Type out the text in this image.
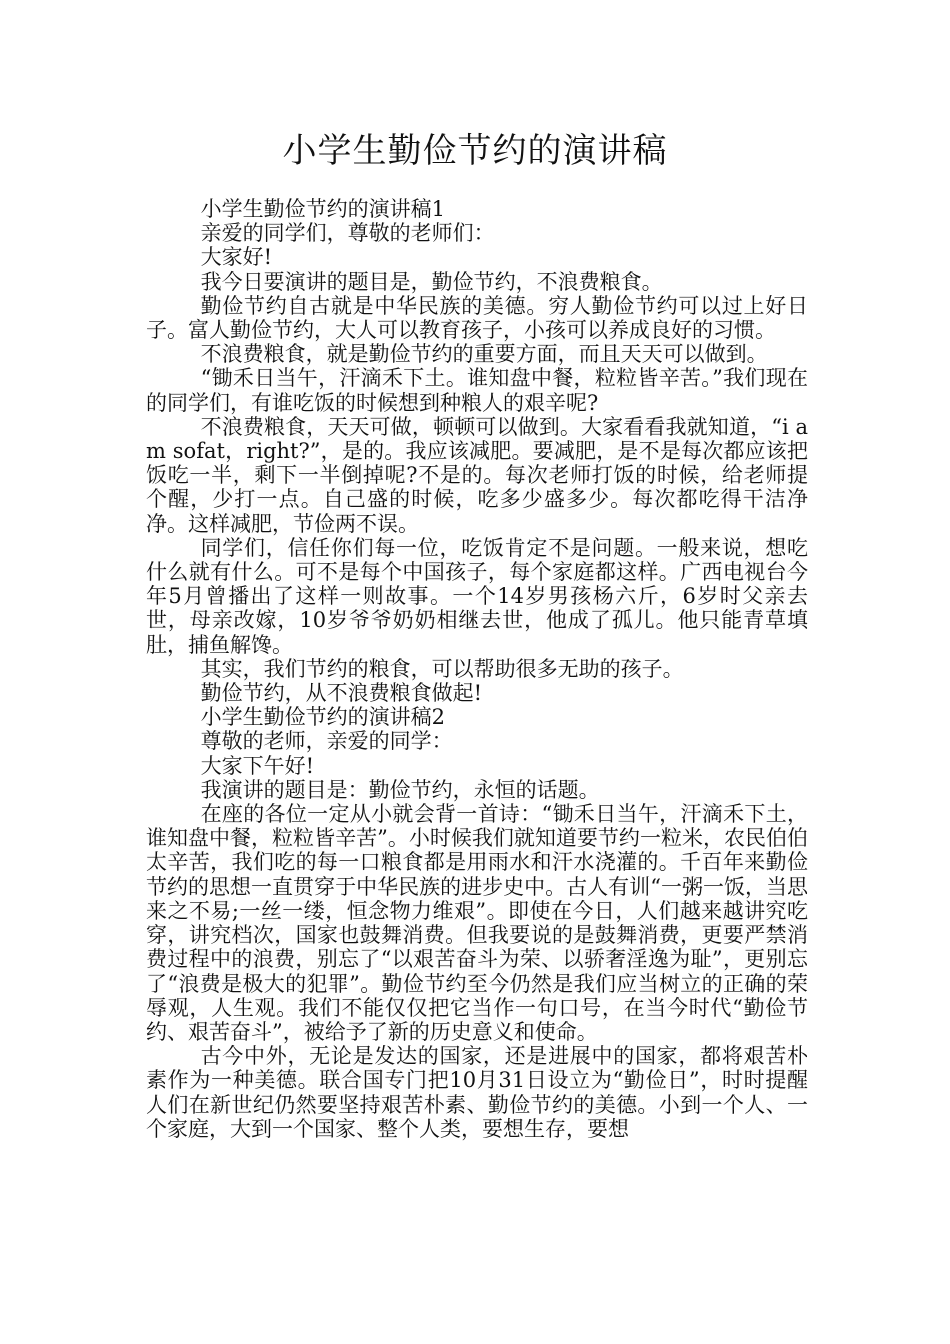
小学生勤俭节约的演讲稿

小学生勤俭节约的演讲稿1

亲爱的同学们，尊敬的老师们：

大家好!

我今日要演讲的题目是，勤俭节约，不浪费粮食。

勤俭节约自古就是中华民族的美德。穷人勤俭节约可以过上好日子。富人勤俭节约，大人可以教育孩子，小孩可以养成良好的习惯。

不浪费粮食，就是勤俭节约的重要方面，而且天天可以做到。

“锄禾日当午，汗滴禾下土。谁知盘中餐，粒粒皆辛苦。”我们现在的同学们，有谁吃饭的时候想到种粮人的艰辛呢?

不浪费粮食，天天可做，顿顿可以做到。大家看看我就知道，“i am sofat，right?”，是的。我应该减肥。要减肥，是不是每次都应该把饭吃一半，剩下一半倒掉呢?不是的。每次老师打饭的时候，给老师提个醒，少打一点。自己盛的时候，吃多少盛多少。每次都吃得干洁净净。这样减肥，节俭两不误。

同学们，信任你们每一位，吃饭肯定不是问题。一般来说，想吃什么就有什么。可不是每个中国孩子，每个家庭都这样。广西电视台今年5月曾播出了这样一则故事。一个14岁男孩杨六斤，6岁时父亲去世，母亲改嫁，10岁爷爷奶奶相继去世，他成了孤儿。他只能青草填肚，捕鱼解馋。

其实，我们节约的粮食，可以帮助很多无助的孩子。

勤俭节约，从不浪费粮食做起!

小学生勤俭节约的演讲稿2

尊敬的老师，亲爱的同学：

大家下午好!

我演讲的题目是：勤俭节约，永恒的话题。

在座的各位一定从小就会背一首诗：“锄禾日当午，汗滴禾下土，谁知盘中餐，粒粒皆辛苦”。小时候我们就知道要节约一粒米，农民伯伯太辛苦，我们吃的每一口粮食都是用雨水和汗水浇灌的。千百年来勤俭节约的思想一直贯穿于中华民族的进步史中。古人有训“一粥一饭，当思来之不易;一丝一缕，恒念物力维艰”。即使在今日，人们越来越讲究吃穿，讲究档次，国家也鼓舞消费。但我要说的是鼓舞消费，更要严禁消费过程中的浪费，别忘了“以艰苦奋斗为荣、以骄奢淫逸为耻”，更别忘了“浪费是极大的犯罪”。勤俭节约至今仍然是我们应当树立的正确的荣辱观，人生观。我们不能仅仅把它当作一句口号，在当今时代“勤俭节约、艰苦奋斗”，被给予了新的历史意义和使命。

古今中外，无论是发达的国家，还是进展中的国家，都将艰苦朴素作为一种美德。联合国专门把10月31日设立为“勤俭日”，时时提醒人们在新世纪仍然要坚持艰苦朴素、勤俭节约的美德。小到一个人、一个家庭，大到一个国家、整个人类，要想生存，要想
